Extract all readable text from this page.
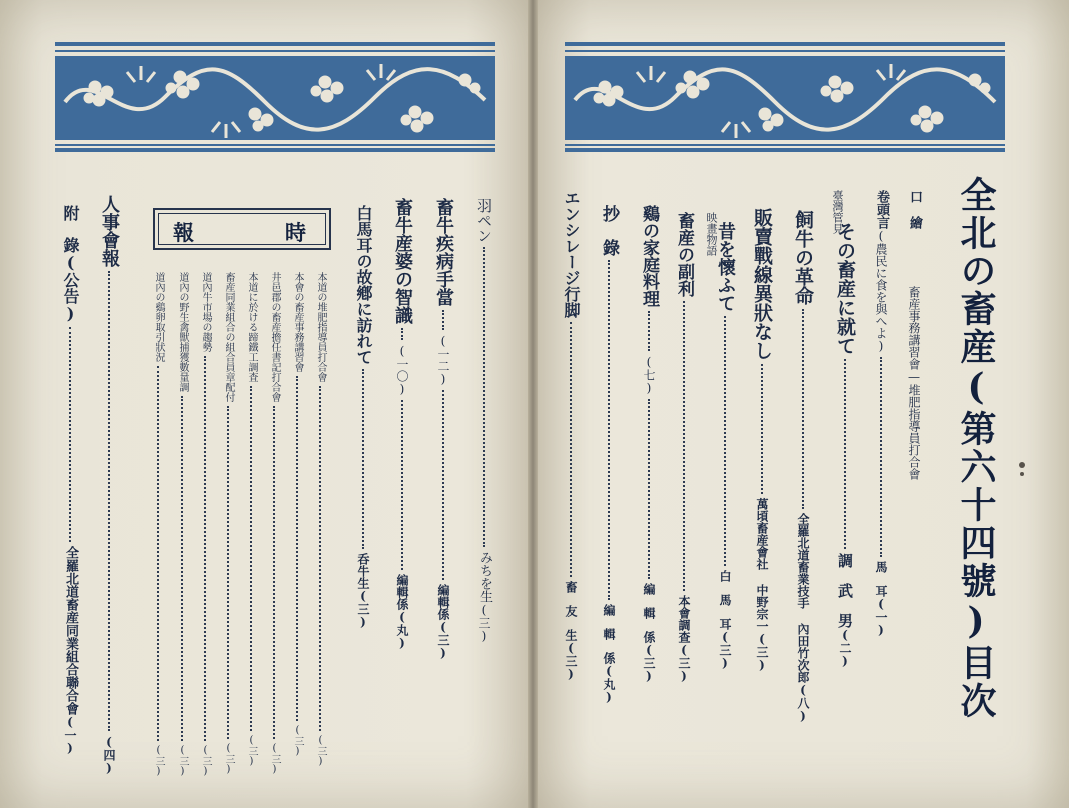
全北の畜産(第六十四號)目次
口　繪
畜産事務講習會—堆肥指導員打合會
卷頭言(農民に食を與へよ)馬　耳(一)
臺灣管見
その畜産に就て調　武　男(二)
飼牛の革命全羅北道畜業技手 內田竹次郎(八)
販賣戰線異狀なし萬頃畜産會社 中野宗一(三)
映畫物語
昔を懷ふて白　馬　耳(三)
畜産の副利本會調查(三)
鷄の家庭料理(七)編　輯　係(三)
抄　錄編　輯　係(丸)
エンシレージ行脚畜　友　生(三)
羽ペンみちを生(三)
畜牛疾病手當(一二)編輯係(三)
畜牛産婆の智識(一〇)編輯係(丸)
白馬耳の故鄕に訪れて呑牛生(三)
報	時
本道の堆肥指導員打合會(三)
本會の畜産事務講習會(三)
井邑郡の畜産擔任書記打合會(三)
本道に於ける蹄鐵工調査(三)
畜産同業組合の組合員章配付(三)
道內牛市場の趨勢(三)
道內の野生禽獸捕獲數量調(三)
道內の鷄卵取引狀況(三)
人事會報(四)
附　錄(公告)全羅北道畜産同業組合聯合會(一)
